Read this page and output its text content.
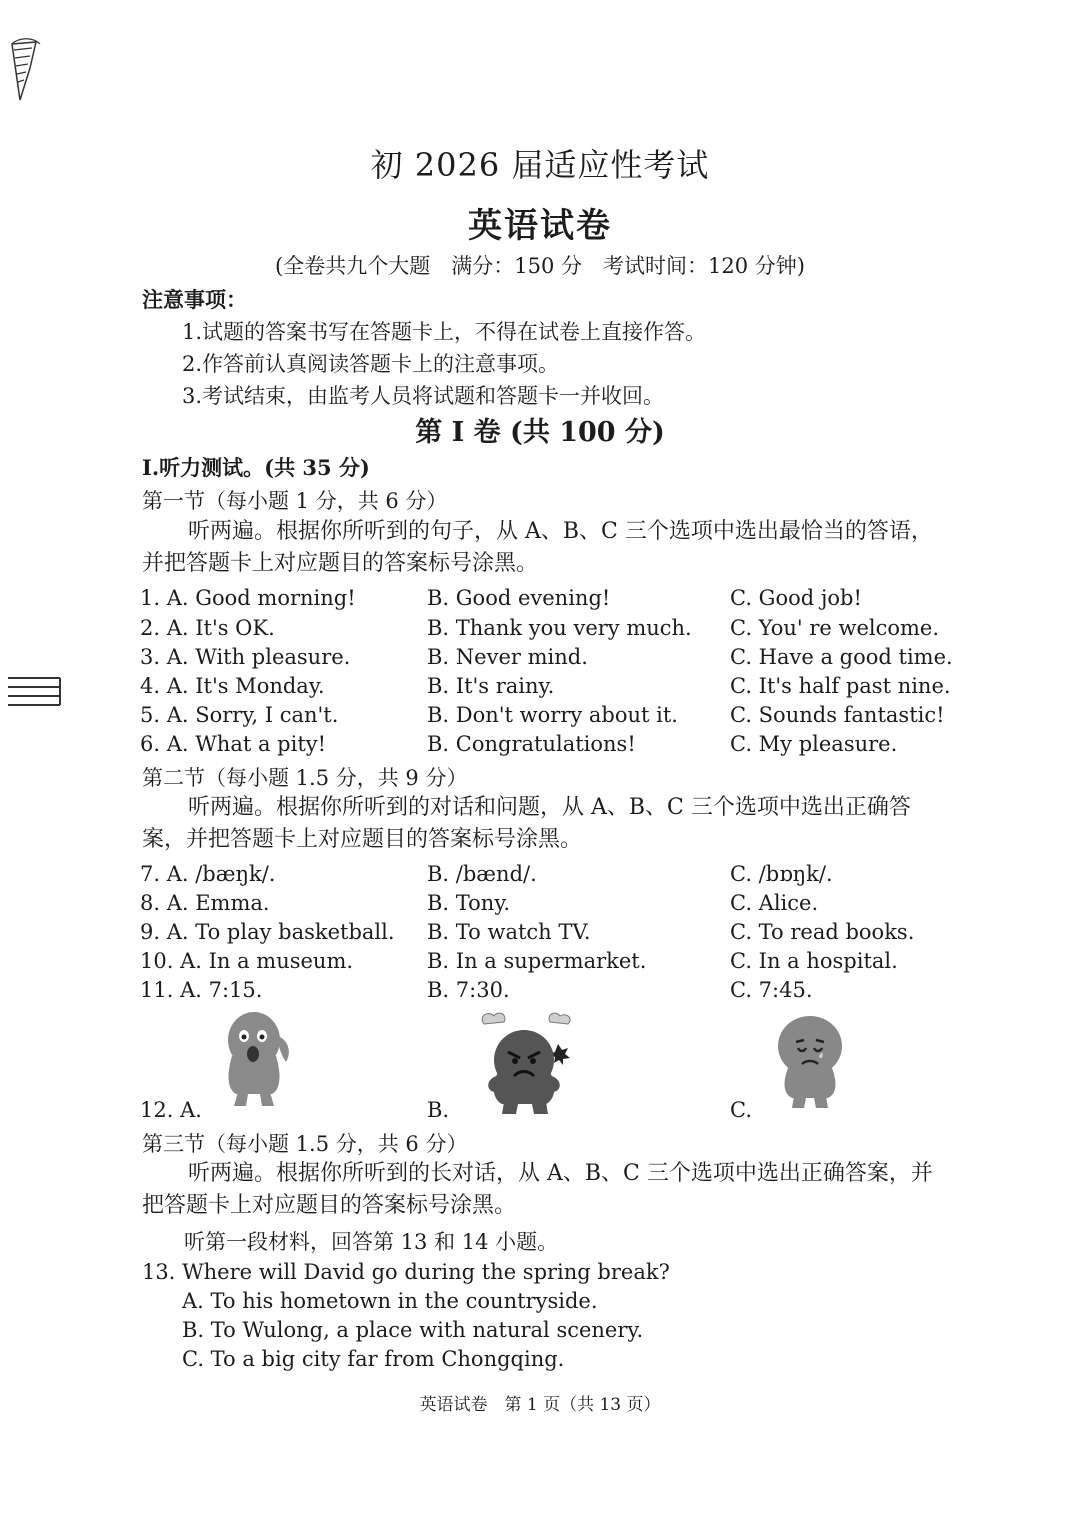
初 2026 届适应性考试
英语试卷
(全卷共九个大题　满分：150 分　考试时间：120 分钟)
注意事项：
1.试题的答案书写在答题卡上，不得在试卷上直接作答。
2.作答前认真阅读答题卡上的注意事项。
3.考试结束，由监考人员将试题和答题卡一并收回。
第 I 卷 (共 100 分)
Ⅰ.听力测试。(共 35 分)
第一节（每小题 1 分，共 6 分）
听两遍。根据你所听到的句子，从 A、B、C 三个选项中选出最恰当的答语，并把答题卡上对应题目的答案标号涂黑。
1. A. Good morning!	B. Good evening!	C. Good job!
2. A. It's OK.	B. Thank you very much. C. You' re welcome.
3. A. With pleasure.	B. Never mind.	C. Have a good time.
4. A. It's Monday.	B. It's rainy.	C. It's half past nine.
5. A. Sorry, I can't.	B. Don't worry about it. C. Sounds fantastic!
6. A. What a pity!	B. Congratulations!	C. My pleasure.
第二节（每小题 1.5 分，共 9 分）
听两遍。根据你所听到的对话和问题，从 A、B、C 三个选项中选出正确答案，并把答题卡上对应题目的答案标号涂黑。
7. A. /bæŋk/.	B. /bænd/.	C. /bɒŋk/.
8. A. Emma.	B. Tony.	C. Alice.
9. A. To play basketball. B. To watch TV.	C. To read books.
10. A. In a museum.	B. In a supermarket.	C. In a hospital.
11. A. 7:15.	B. 7:30.	C. 7:45.
12. A.	B.	C.
第三节（每小题 1.5 分，共 6 分）
听两遍。根据你所听到的长对话，从 A、B、C 三个选项中选出正确答案，并把答题卡上对应题目的答案标号涂黑。
听第一段材料，回答第 13 和 14 小题。
13. Where will David go during the spring break?
A. To his hometown in the countryside.
B. To Wulong, a place with natural scenery.
C. To a big city far from Chongqing.
英语试卷　第 1 页（共 13 页）
